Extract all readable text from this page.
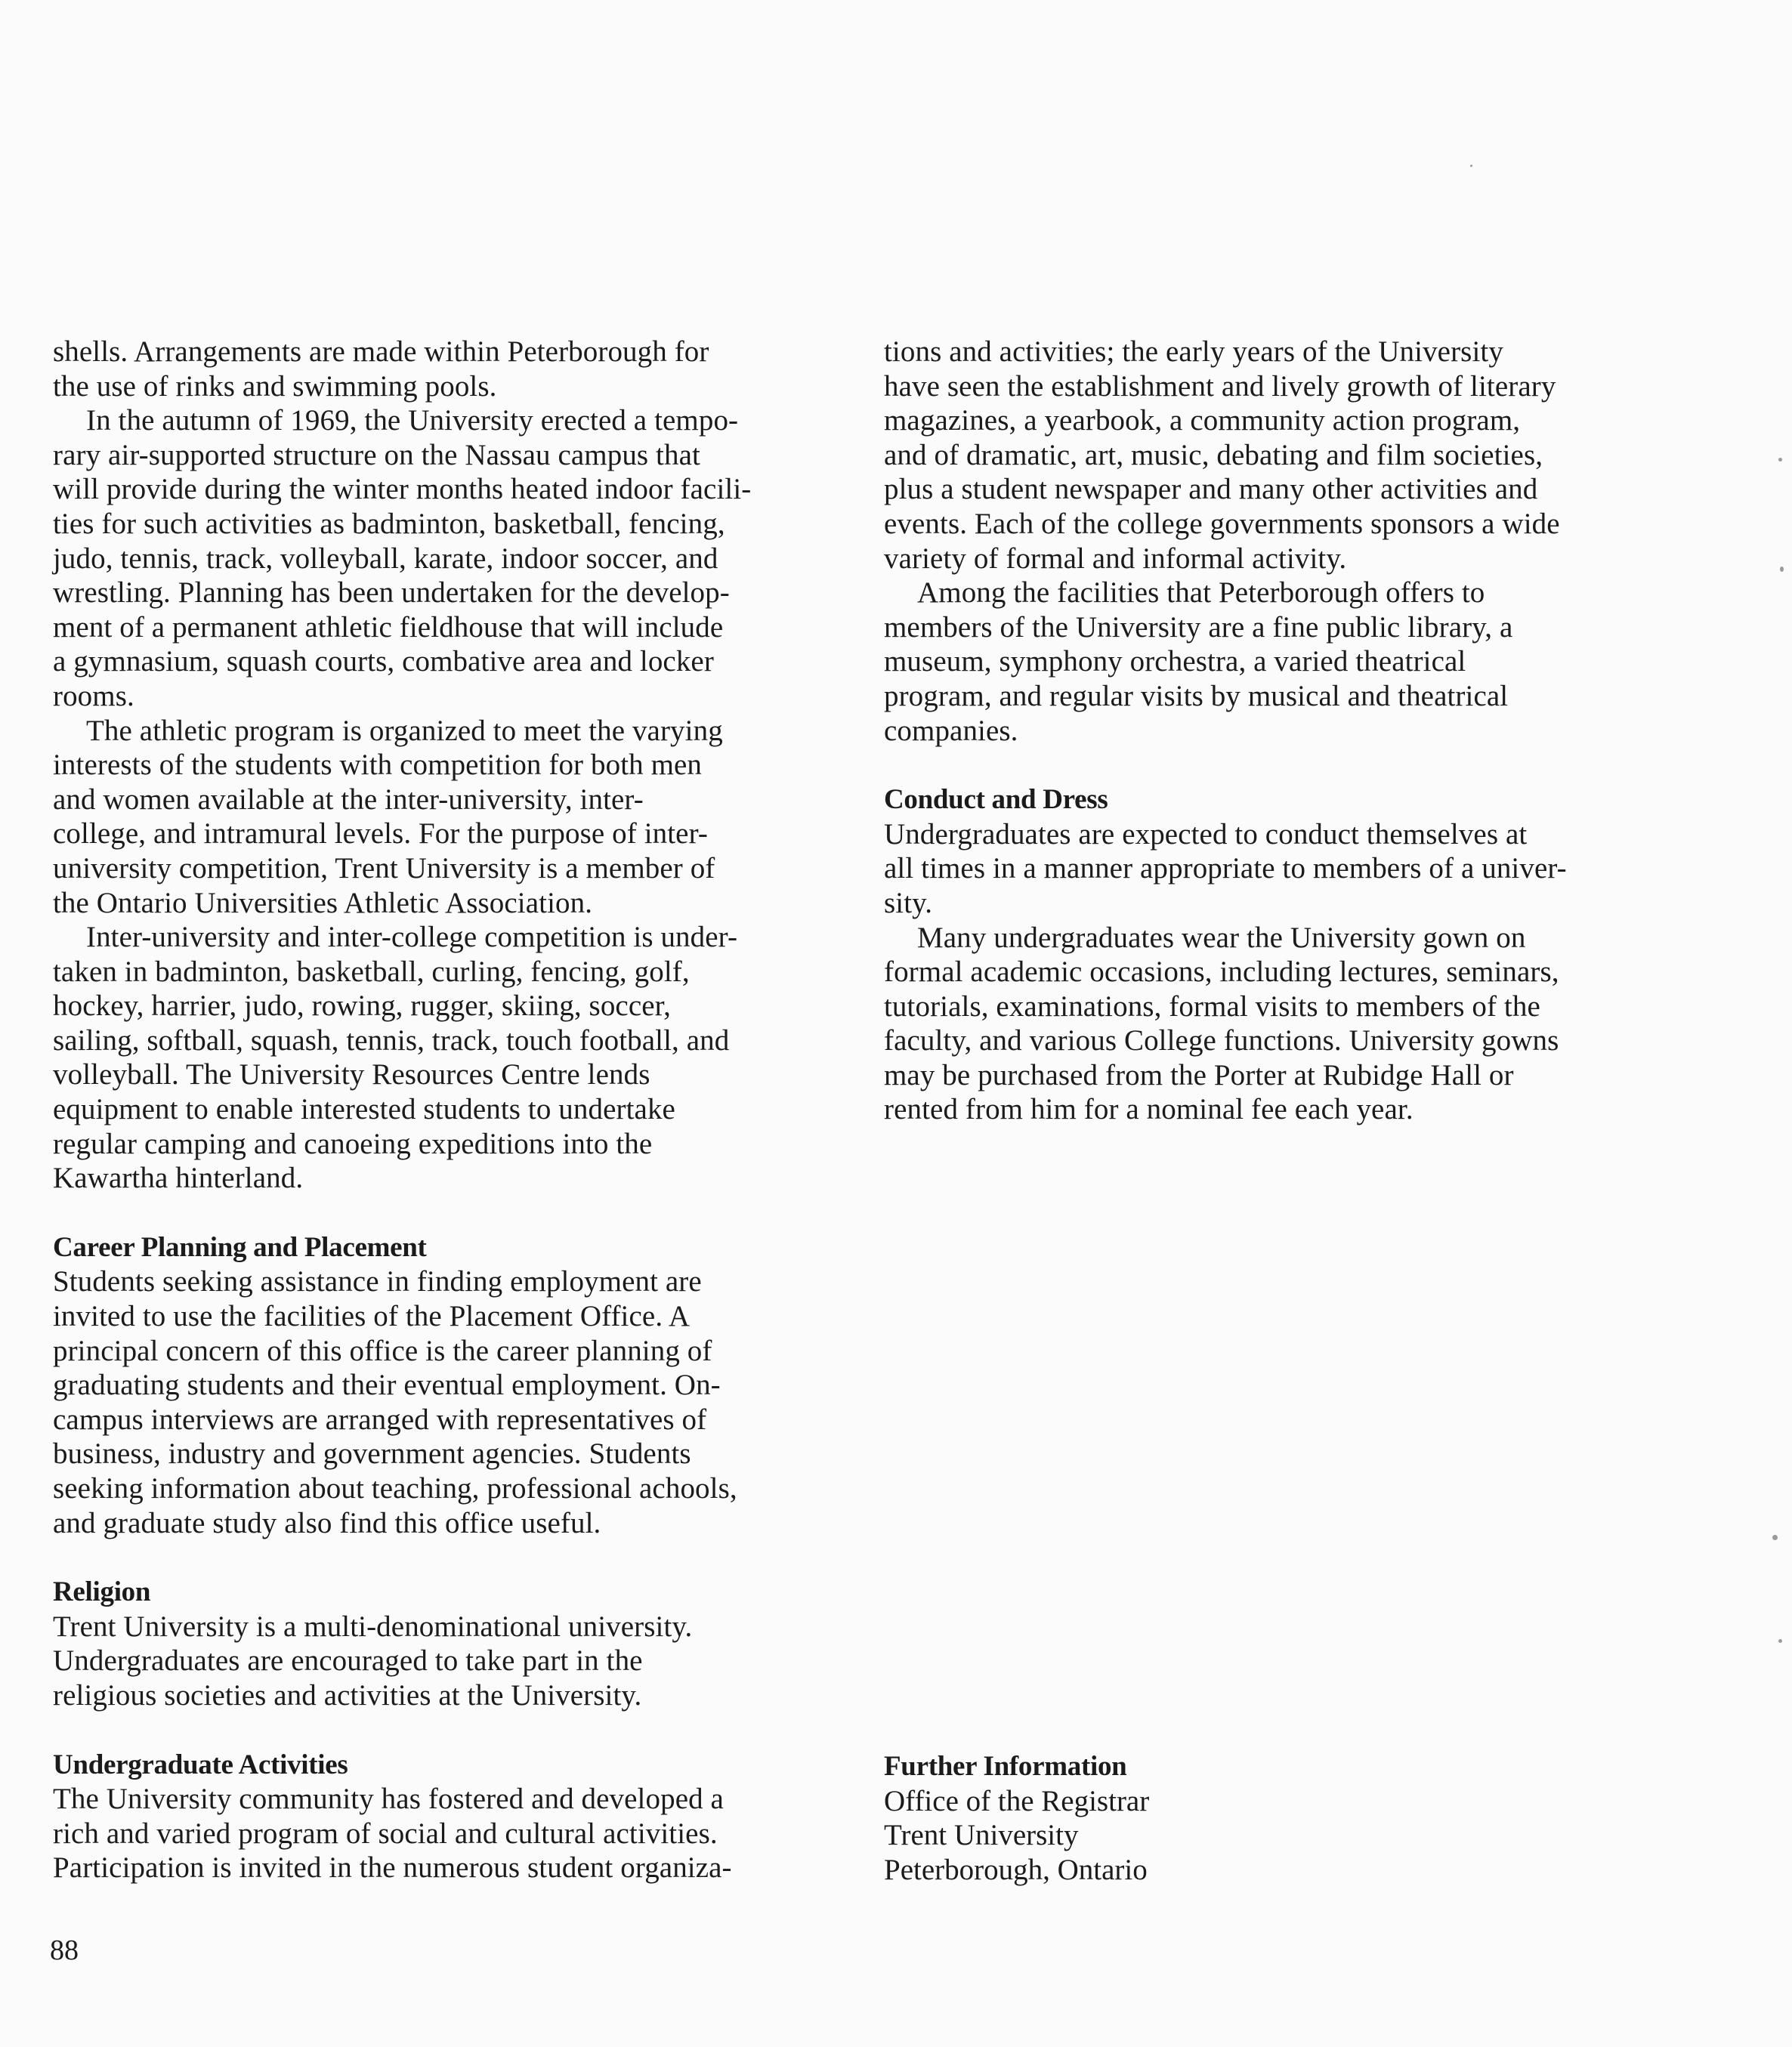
shells. Arrangements are made within Peterborough for
the use of rinks and swimming pools.
In the autumn of 1969, the University erected a tempo-
rary air-supported structure on the Nassau campus that
will provide during the winter months heated indoor facili-
ties for such activities as badminton, basketball, fencing,
judo, tennis, track, volleyball, karate, indoor soccer, and
wrestling. Planning has been undertaken for the develop-
ment of a permanent athletic fieldhouse that will include
a gymnasium, squash courts, combative area and locker
rooms.
The athletic program is organized to meet the varying
interests of the students with competition for both men
and women available at the inter-university, inter-
college, and intramural levels. For the purpose of inter-
university competition, Trent University is a member of
the Ontario Universities Athletic Association.
Inter-university and inter-college competition is under-
taken in badminton, basketball, curling, fencing, golf,
hockey, harrier, judo, rowing, rugger, skiing, soccer,
sailing, softball, squash, tennis, track, touch football, and
volleyball. The University Resources Centre lends
equipment to enable interested students to undertake
regular camping and canoeing expeditions into the
Kawartha hinterland.
Career Planning and Placement
Students seeking assistance in finding employment are
invited to use the facilities of the Placement Office. A
principal concern of this office is the career planning of
graduating students and their eventual employment. On-
campus interviews are arranged with representatives of
business, industry and government agencies. Students
seeking information about teaching, professional achools,
and graduate study also find this office useful.
Religion
Trent University is a multi-denominational university.
Undergraduates are encouraged to take part in the
religious societies and activities at the University.
Undergraduate Activities
The University community has fostered and developed a
rich and varied program of social and cultural activities.
Participation is invited in the numerous student organiza-
tions and activities; the early years of the University
have seen the establishment and lively growth of literary
magazines, a yearbook, a community action program,
and of dramatic, art, music, debating and film societies,
plus a student newspaper and many other activities and
events. Each of the college governments sponsors a wide
variety of formal and informal activity.
Among the facilities that Peterborough offers to
members of the University are a fine public library, a
museum, symphony orchestra, a varied theatrical
program, and regular visits by musical and theatrical
companies.
Conduct and Dress
Undergraduates are expected to conduct themselves at
all times in a manner appropriate to members of a univer-
sity.
Many undergraduates wear the University gown on
formal academic occasions, including lectures, seminars,
tutorials, examinations, formal visits to members of the
faculty, and various College functions. University gowns
may be purchased from the Porter at Rubidge Hall or
rented from him for a nominal fee each year.
Further Information
Office of the Registrar
Trent University
Peterborough, Ontario
88
